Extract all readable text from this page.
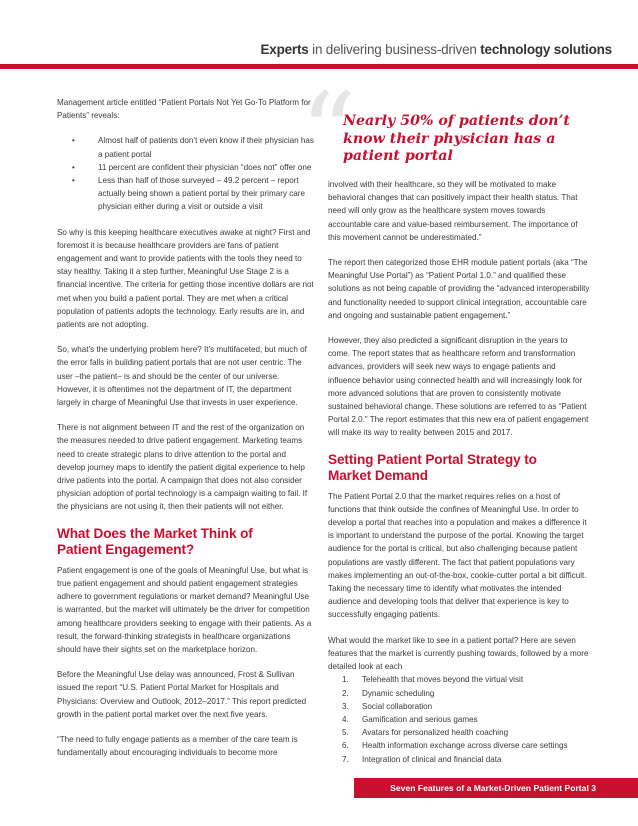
Experts in delivering business-driven technology solutions
“
Nearly 50% of patients don’t
know their physician has a
patient portal

Management article entitled “Patient Portals Not Yet Go-To Platform for Patients” reveals:

• Almost half of patients don’t even know if their physician has a patient portal
• 11 percent are confident their physician “does not” offer one
• Less than half of those surveyed – 49.2 percent – report actually being shown a patient portal by their primary care physician either during a visit or outside a visit

So why is this keeping healthcare executives awake at night? First and foremost it is because healthcare providers are fans of patient engagement and want to provide patients with the tools they need to stay healthy. Taking it a step further, Meaningful Use Stage 2 is a financial incentive. The criteria for getting those incentive dollars are not met when you build a patient portal. They are met when a critical population of patients adopts the technology. Early results are in, and patients are not adopting.

So, what’s the underlying problem here? It’s multifaceted, but much of the error falls in building patient portals that are not user centric. The user –the patient– is and should be the center of our universe. However, it is oftentimes not the department of IT, the department largely in charge of Meaningful Use that invests in user experience.

There is not alignment between IT and the rest of the organization on the measures needed to drive patient engagement. Marketing teams need to create strategic plans to drive attention to the portal and develop journey maps to identify the patient digital experience to help drive patients into the portal. A campaign that does not also consider physician adoption of portal technology is a campaign waiting to fail. If the physicians are not using it, then their patients will not either.

What Does the Market Think of
Patient Engagement?

Patient engagement is one of the goals of Meaningful Use, but what is true patient engagement and should patient engagement strategies adhere to government regulations or market demand? Meaningful Use is warranted, but the market will ultimately be the driver for competition among healthcare providers seeking to engage with their patients. As a result, the forward-thinking strategists in healthcare organizations should have their sights set on the marketplace horizon.

Before the Meaningful Use delay was announced, Frost & Sullivan issued the report “U.S. Patient Portal Market for Hospitals and Physicians: Overview and Outlook, 2012–2017.” This report predicted growth in the patient portal market over the next five years.

“The need to fully engage patients as a member of the care team is fundamentally about encouraging individuals to become more

involved with their healthcare, so they will be motivated to make behavioral changes that can positively impact their health status. That need will only grow as the healthcare system moves towards accountable care and value-based reimbursement. The importance of this movement cannot be underestimated.”

The report then categorized those EHR module patient portals (aka “The Meaningful Use Portal”) as “Patient Portal 1.0.” and qualified these solutions as not being capable of providing the “advanced interoperability and functionality needed to support clinical integration, accountable care and ongoing and sustainable patient engagement.”

However, they also predicted a significant disruption in the years to come. The report states that as healthcare reform and transformation advances, providers will seek new ways to engage patients and influence behavior using connected health and will increasingly look for more advanced solutions that are proven to consistently motivate sustained behavioral change. These solutions are referred to as “Patient Portal 2.0.” The report estimates that this new era of patient engagement will make its way to reality between 2015 and 2017.

Setting Patient Portal Strategy to
Market Demand

The Patient Portal 2.0 that the market requires relies on a host of functions that think outside the confines of Meaningful Use. In order to develop a portal that reaches into a population and makes a difference it is important to understand the purpose of the portal. Knowing the target audience for the portal is critical, but also challenging because patient populations are vastly different. The fact that patient populations vary makes implementing an out-of-the-box, cookie-cutter portal a bit difficult. Taking the necessary time to identify what motivates the intended audience and developing tools that deliver that experience is key to successfully engaging patients.

What would the market like to see in a patient portal? Here are seven features that the market is currently pushing towards, followed by a more detailed look at each

1. Telehealth that moves beyond the virtual visit
2. Dynamic scheduling
3. Social collaboration
4. Gamification and serious games
5. Avatars for personalized health coaching
6. Health information exchange across diverse care settings
7. Integration of clinical and financial data
Seven Features of a Market-Driven Patient Portal 3
